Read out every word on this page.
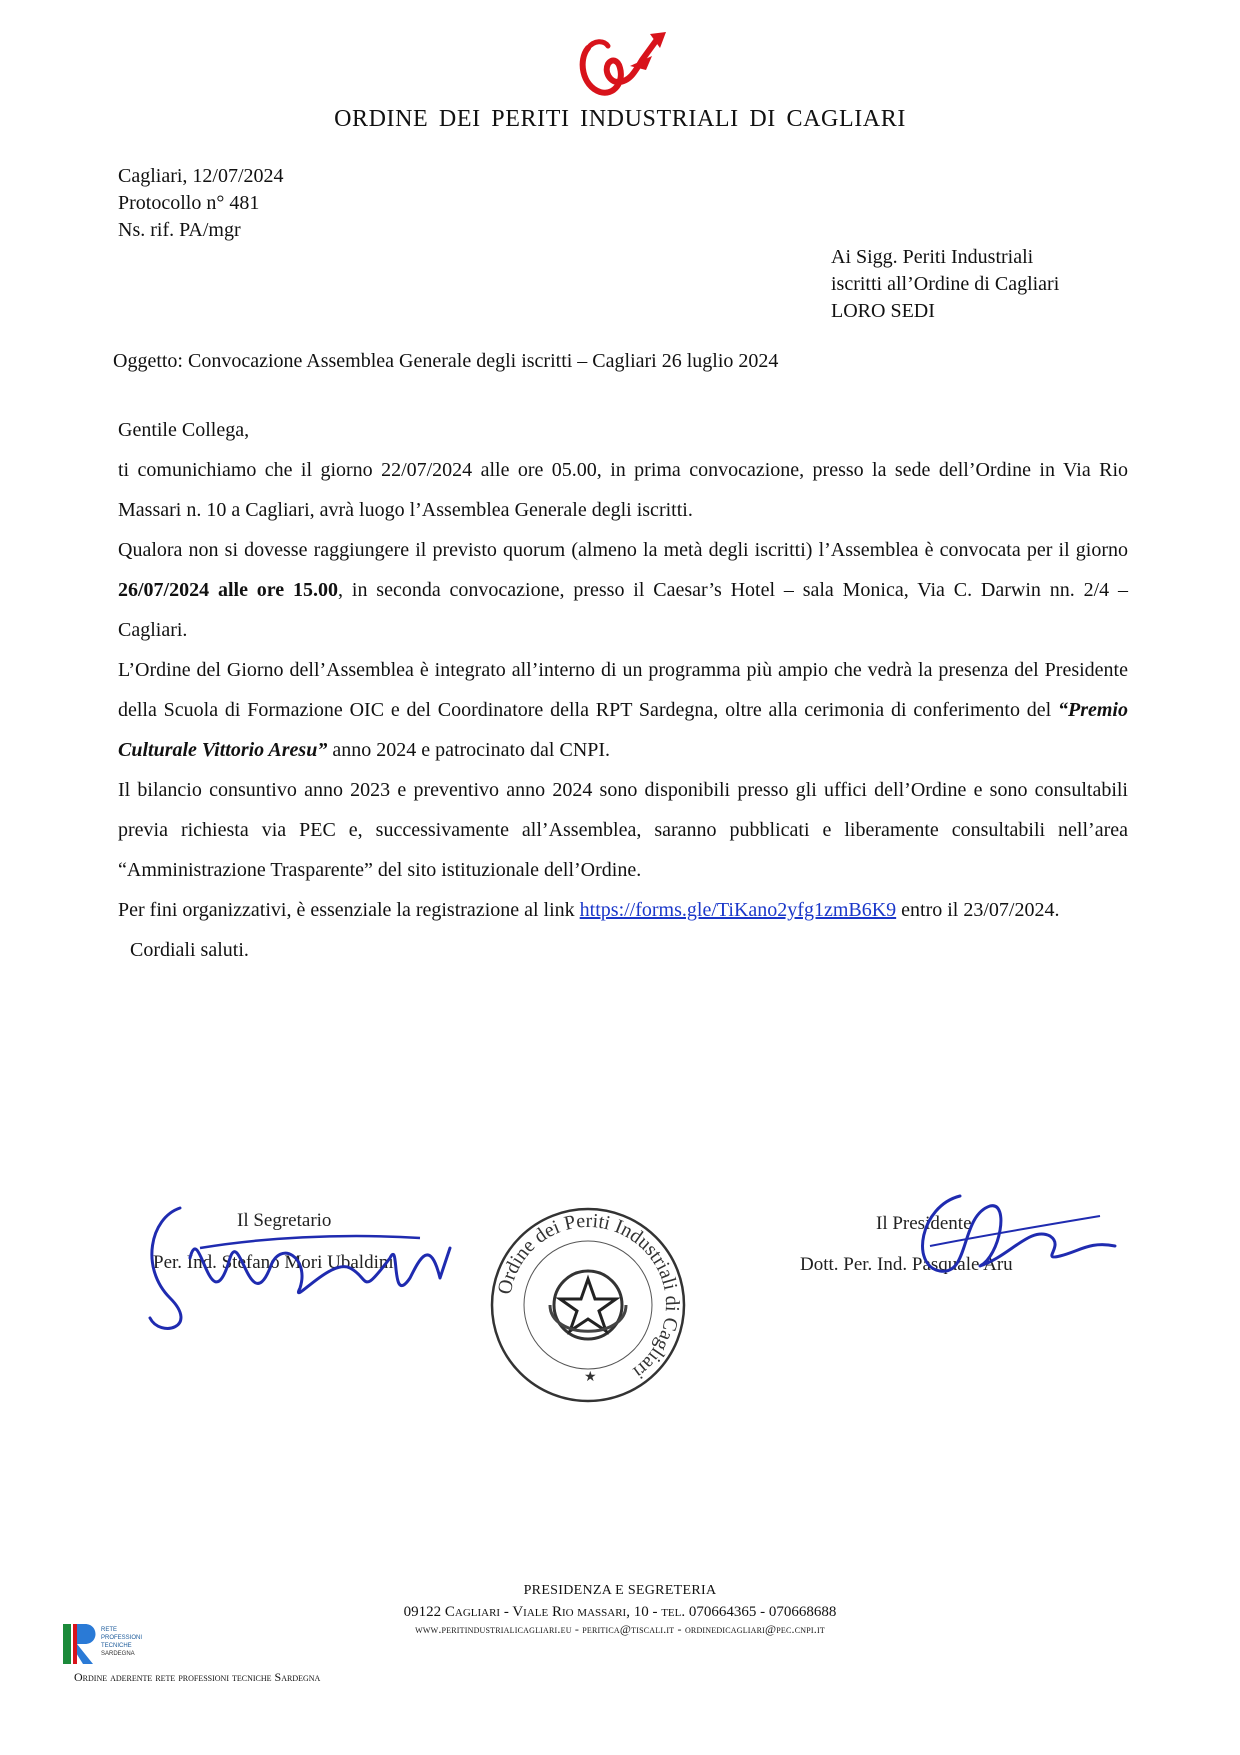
ORDINE DEI PERITI INDUSTRIALI DI CAGLIARI
Cagliari, 12/07/2024
Protocollo n° 481
Ns. rif. PA/mgr
Ai Sigg. Periti Industriali
iscritti all’Ordine di Cagliari
LORO SEDI
Oggetto: Convocazione Assemblea Generale degli iscritti – Cagliari 26 luglio 2024

Gentile Collega,

ti comunichiamo che il giorno 22/07/2024 alle ore 05.00, in prima convocazione, presso la sede dell’Ordine in Via Rio Massari n. 10 a Cagliari, avrà luogo l’Assemblea Generale degli iscritti.

Qualora non si dovesse raggiungere il previsto quorum (almeno la metà degli iscritti) l’Assemblea è convocata per il giorno 26/07/2024 alle ore 15.00, in seconda convocazione, presso il Caesar’s Hotel – sala Monica, Via C. Darwin nn. 2/4 – Cagliari.

L’Ordine del Giorno dell’Assemblea è integrato all’interno di un programma più ampio che vedrà la presenza del Presidente della Scuola di Formazione OIC e del Coordinatore della RPT Sardegna, oltre alla cerimonia di conferimento del “Premio Culturale Vittorio Aresu” anno 2024 e patrocinato dal CNPI.

Il bilancio consuntivo anno 2023 e preventivo anno 2024 sono disponibili presso gli uffici dell’Ordine e sono consultabili previa richiesta via PEC e, successivamente all’Assemblea, saranno pubblicati e liberamente consultabili nell’area “Amministrazione Trasparente” del sito istituzionale dell’Ordine.

Per fini organizzativi, è essenziale la registrazione al link https://forms.gle/TiKano2yfg1zmB6K9 entro il 23/07/2024.

Cordiali saluti.

Il Segretario
Per. Ind. Stefano Mori Ubaldini
Il Presidente
Dott. Per. Ind. Pasquale Aru
Ordine dei Periti Industriali di Cagliari
★
PRESIDENZA E SEGRETERIA
09122 Cagliari - Viale Rio massari, 10 - tel. 070664365 - 070668688
www.peritindustrialicagliari.eu - peritica@tiscali.it - ordinedicagliari@pec.cnpi.it
RETE
PROFESSIONI
TECNICHE
SARDEGNA
Ordine aderente rete professioni tecniche Sardegna
